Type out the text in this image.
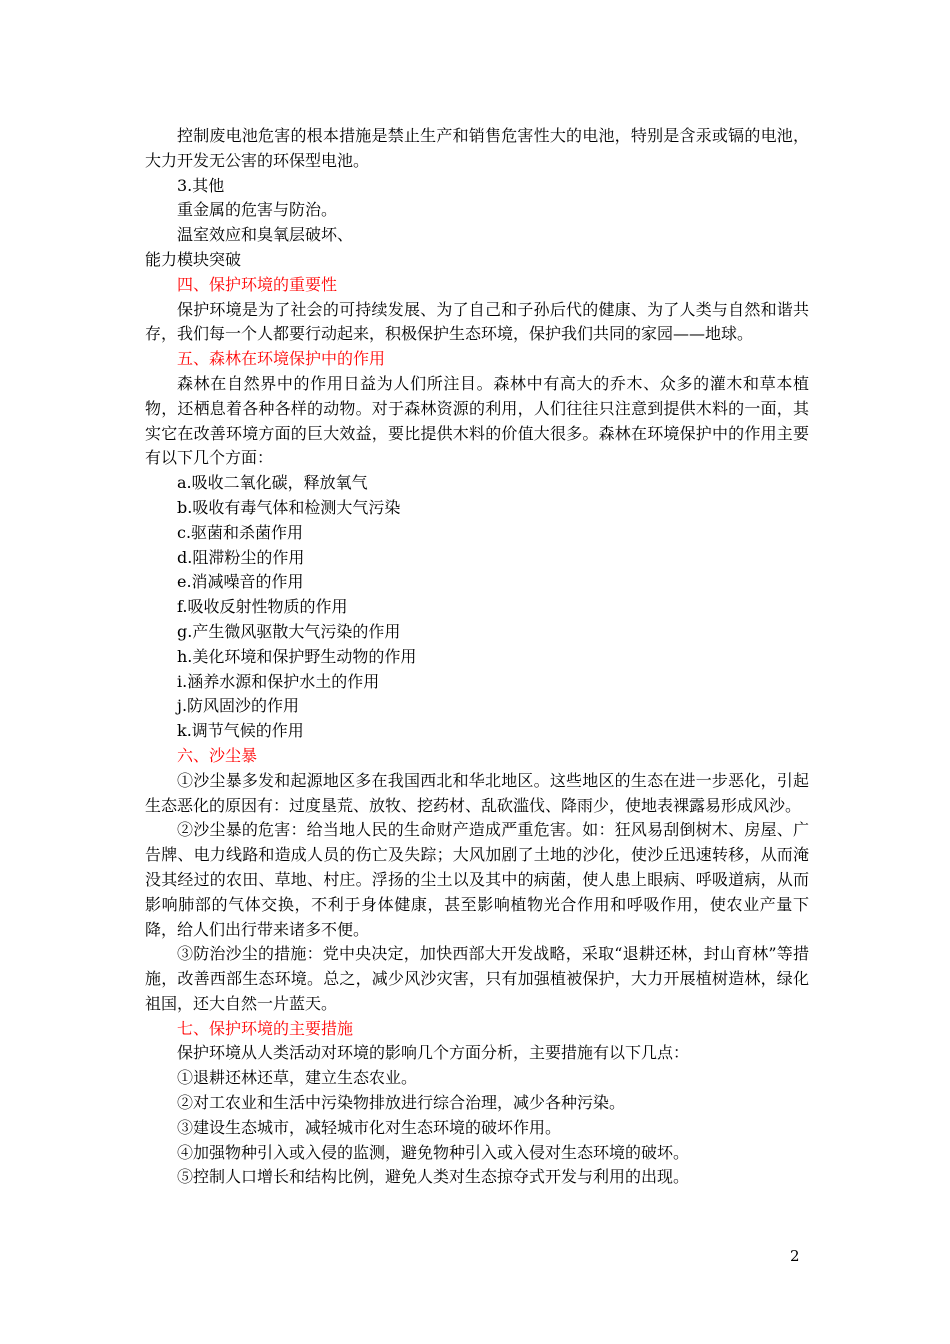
控制废电池危害的根本措施是禁止生产和销售危害性大的电池，特别是含汞或镉的电池，大力开发无公害的环保型电池。

3.其他

重金属的危害与防治。

温室效应和臭氧层破坏、

能力模块突破

四、保护环境的重要性

保护环境是为了社会的可持续发展、为了自己和子孙后代的健康、为了人类与自然和谐共存，我们每一个人都要行动起来，积极保护生态环境，保护我们共同的家园——地球。

五、森林在环境保护中的作用

森林在自然界中的作用日益为人们所注目。森林中有高大的乔木、众多的灌木和草本植物，还栖息着各种各样的动物。对于森林资源的利用，人们往往只注意到提供木料的一面，其实它在改善环境方面的巨大效益，要比提供木料的价值大很多。森林在环境保护中的作用主要有以下几个方面：

a.吸收二氧化碳，释放氧气

b.吸收有毒气体和检测大气污染

c.驱菌和杀菌作用

d.阻滞粉尘的作用

e.消减噪音的作用

f.吸收反射性物质的作用

g.产生微风驱散大气污染的作用

h.美化环境和保护野生动物的作用

i.涵养水源和保护水土的作用

j.防风固沙的作用

k.调节气候的作用

六、沙尘暴

①沙尘暴多发和起源地区多在我国西北和华北地区。这些地区的生态在进一步恶化，引起生态恶化的原因有：过度垦荒、放牧、挖药材、乱砍滥伐、降雨少，使地表裸露易形成风沙。

②沙尘暴的危害：给当地人民的生命财产造成严重危害。如：狂风易刮倒树木、房屋、广告牌、电力线路和造成人员的伤亡及失踪；大风加剧了土地的沙化，使沙丘迅速转移，从而淹没其经过的农田、草地、村庄。浮扬的尘土以及其中的病菌，使人患上眼病、呼吸道病，从而影响肺部的气体交换，不利于身体健康，甚至影响植物光合作用和呼吸作用，使农业产量下降，给人们出行带来诸多不便。

③防治沙尘的措施：党中央决定，加快西部大开发战略，采取“退耕还林，封山育林”等措施，改善西部生态环境。总之，减少风沙灾害，只有加强植被保护，大力开展植树造林，绿化祖国，还大自然一片蓝天。

七、保护环境的主要措施

保护环境从人类活动对环境的影响几个方面分析，主要措施有以下几点：

①退耕还林还草，建立生态农业。

②对工农业和生活中污染物排放进行综合治理，减少各种污染。

③建设生态城市，减轻城市化对生态环境的破坏作用。

④加强物种引入或入侵的监测，避免物种引入或入侵对生态环境的破坏。

⑤控制人口增长和结构比例，避免人类对生态掠夺式开发与利用的出现。

2
